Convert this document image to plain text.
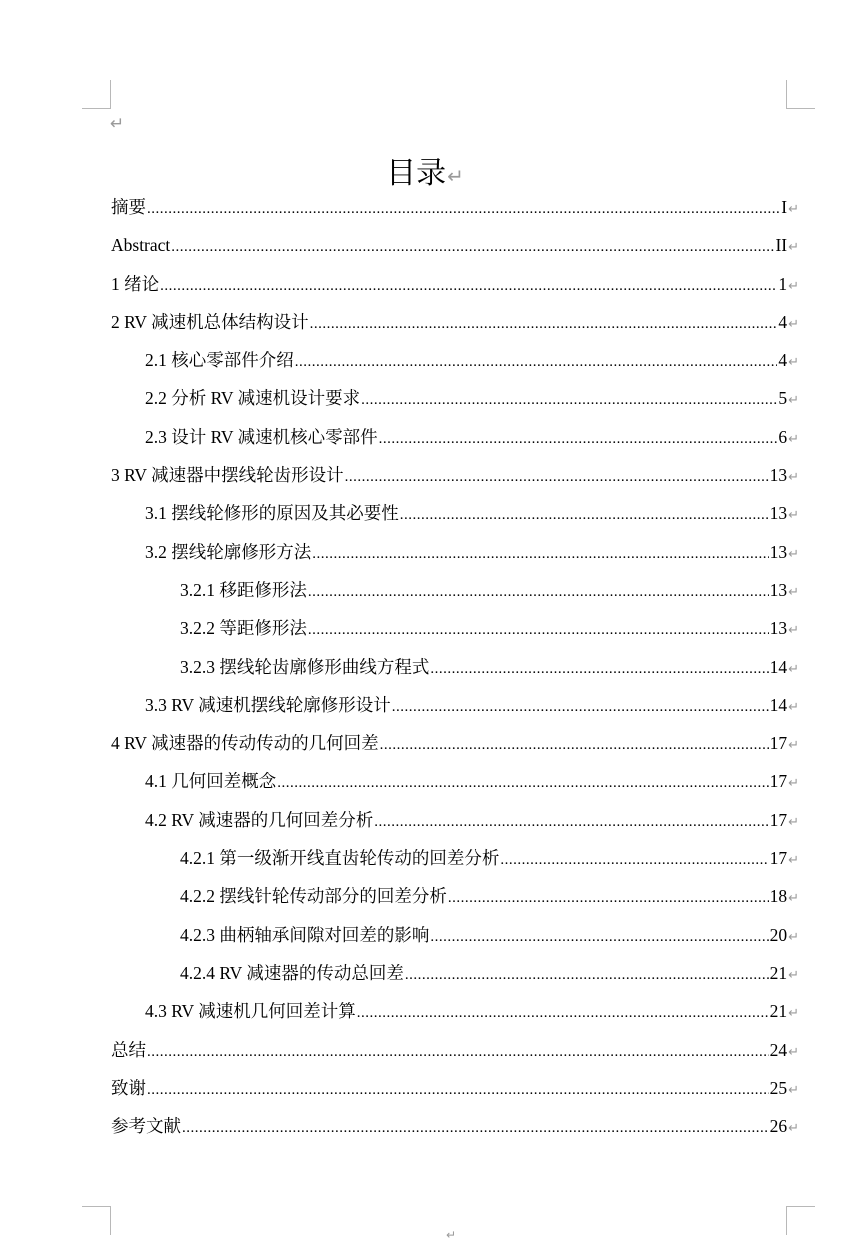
↵
目录↵
摘要 .....	I ↵
Abstract .....	II ↵
1 绪论 .....	1 ↵
2 RV 减速机总体结构设计 .....	4 ↵
2.1 核心零部件介绍 .....	4 ↵
2.2 分析 RV 减速机设计要求 .....	5 ↵
2.3 设计 RV 减速机核心零部件 .....	6 ↵
3 RV 减速器中摆线轮齿形设计 .....	13 ↵
3.1 摆线轮修形的原因及其必要性 .....	13 ↵
3.2 摆线轮廓修形方法 .....	13 ↵
3.2.1 移距修形法 .....	13 ↵
3.2.2 等距修形法 .....	13 ↵
3.2.3 摆线轮齿廓修形曲线方程式 .....	14 ↵
3.3 RV 减速机摆线轮廓修形设计 .....	14 ↵
4 RV 减速器的传动传动的几何回差 .....	17 ↵
4.1 几何回差概念 .....	17 ↵
4.2 RV 减速器的几何回差分析 .....	17 ↵
4.2.1 第一级渐开线直齿轮传动的回差分析 .....	17 ↵
4.2.2 摆线针轮传动部分的回差分析 .....	18 ↵
4.2.3 曲柄轴承间隙对回差的影响 .....	20 ↵
4.2.4 RV 减速器的传动总回差 .....	21 ↵
4.3 RV 减速机几何回差计算 .....	21 ↵
总结 .....	24 ↵
致谢 .....	25 ↵
参考文献 .....	26 ↵
↵
